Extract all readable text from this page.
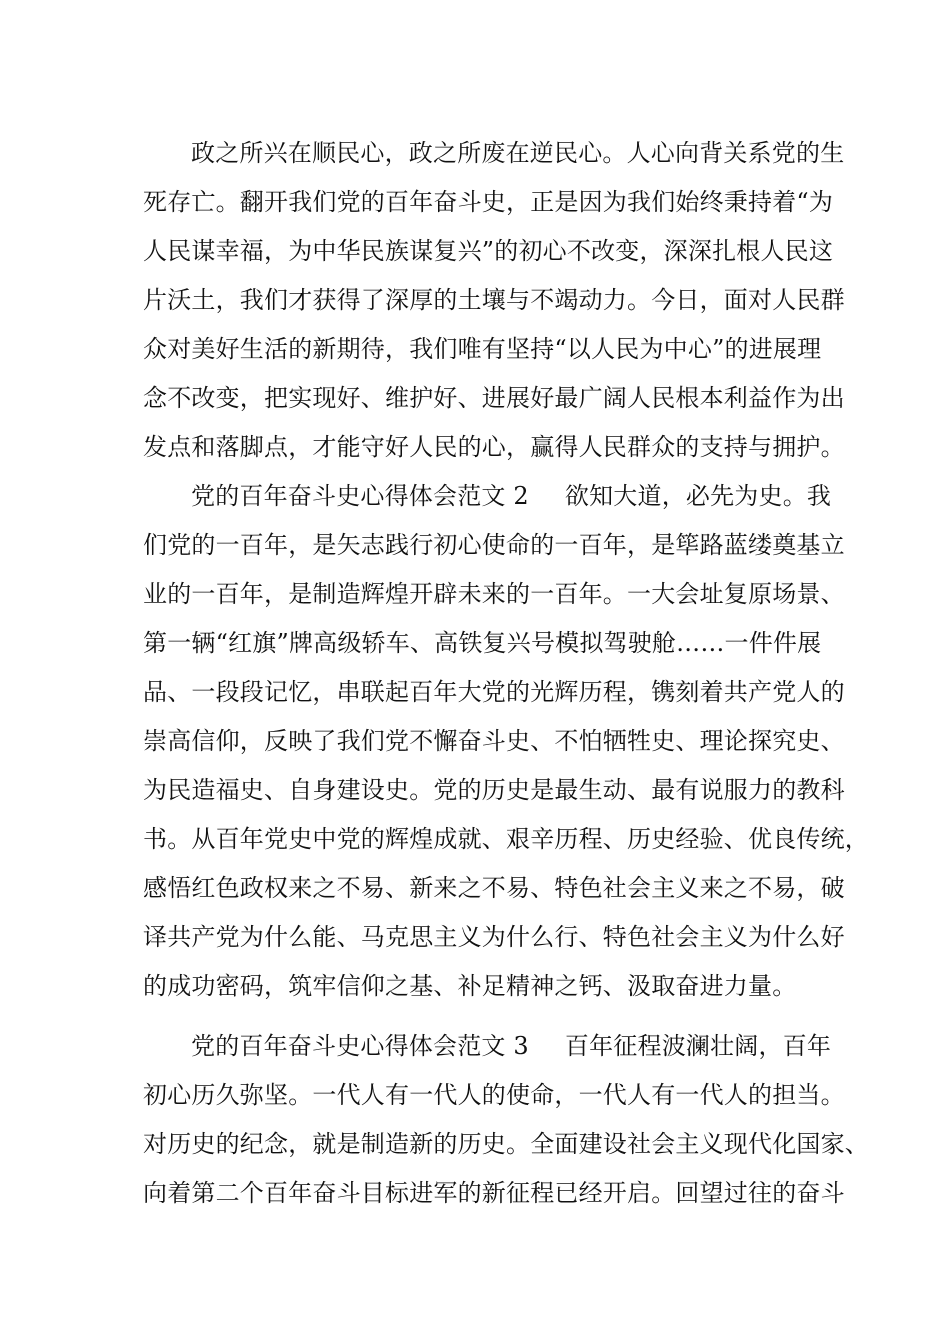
政之所兴在顺民心，政之所废在逆民心。人心向背关系党的生
死存亡。翻开我们党的百年奋斗史，正是因为我们始终秉持着“为
人民谋幸福，为中华民族谋复兴”的初心不改变，深深扎根人民这
片沃土，我们才获得了深厚的土壤与不竭动力。今日，面对人民群
众对美好生活的新期待，我们唯有坚持“以人民为中心”的进展理
念不改变，把实现好、维护好、进展好最广阔人民根本利益作为出
发点和落脚点，才能守好人民的心，赢得人民群众的支持与拥护。
党的百年奋斗史心得体会范文 2 欲知大道，必先为史。我
们党的一百年，是矢志践行初心使命的一百年，是筚路蓝缕奠基立
业的一百年，是制造辉煌开辟未来的一百年。一大会址复原场景、
第一辆“红旗”牌高级轿车、高铁复兴号模拟驾驶舱……一件件展
品、一段段记忆，串联起百年大党的光辉历程，镌刻着共产党人的
崇高信仰，反映了我们党不懈奋斗史、不怕牺牲史、理论探究史、
为民造福史、自身建设史。党的历史是最生动、最有说服力的教科
书。从百年党史中党的辉煌成就、艰辛历程、历史经验、优良传统，
感悟红色政权来之不易、新来之不易、特色社会主义来之不易，破
译共产党为什么能、马克思主义为什么行、特色社会主义为什么好
的成功密码，筑牢信仰之基、补足精神之钙、汲取奋进力量。
党的百年奋斗史心得体会范文 3 百年征程波澜壮阔，百年
初心历久弥坚。一代人有一代人的使命，一代人有一代人的担当。
对历史的纪念，就是制造新的历史。全面建设社会主义现代化国家、
向着第二个百年奋斗目标进军的新征程已经开启。回望过往的奋斗
